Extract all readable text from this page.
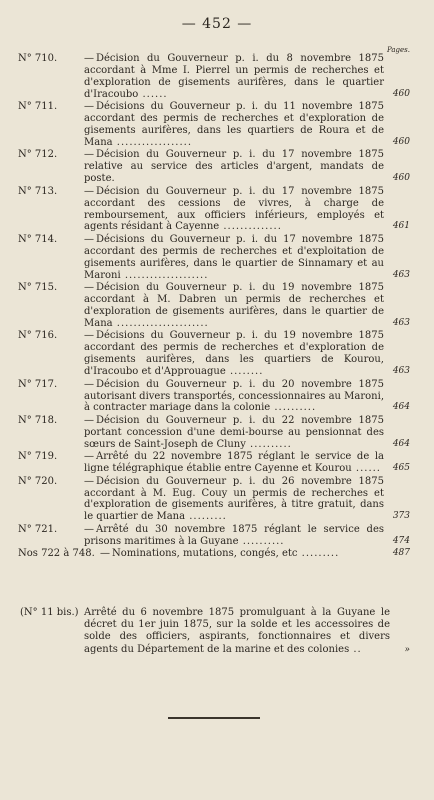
— 452 —
Pages.
N° 710.	— Décision du Gouverneur p. i. du 8 novembre 1875 accordant à Mme I. Pierrel un permis de recherches et d'exploration de gisements aurifères, dans le quartier d'Iracoubo ......	460
N° 711.	— Décisions du Gouverneur p. i. du 11 novembre 1875 accordant des permis de recherches et d'exploration de gisements aurifères, dans les quartiers de Roura et de Mana ..................	460
N° 712.	— Décision du Gouverneur p. i. du 17 novembre 1875 relative au service des articles d'argent, mandats de poste.	460
N° 713.	— Décision du Gouverneur p. i. du 17 novembre 1875 accordant des cessions de vivres, à charge de remboursement, aux officiers inférieurs, employés et agents résidant à Cayenne ..............	461
N° 714.	— Décisions du Gouverneur p. i. du 17 novembre 1875 accordant des permis de recherches et d'exploitation de gisements aurifères, dans le quartier de Sinnamary et au Maroni ....................	463
N° 715.	— Décision du Gouverneur p. i. du 19 novembre 1875 accordant à M. Dabren un permis de recherches et d'exploration de gisements aurifères, dans le quartier de Mana ......................	463
N° 716.	— Décisions du Gouverneur p. i. du 19 novembre 1875 accordant des permis de recherches et d'exploration de gisements aurifères, dans les quartiers de Kourou, d'Iracoubo et d'Approuague ........	463
N° 717.	— Décision du Gouverneur p. i. du 20 novembre 1875 autorisant divers transportés, concessionnaires au Maroni, à contracter mariage dans la colonie ..........	464
N° 718.	— Décision du Gouverneur p. i. du 22 novembre 1875 portant concession d'une demi-bourse au pensionnat des sœurs de Saint-Joseph de Cluny ..........	464
N° 719.	— Arrêté du 22 novembre 1875 réglant le service de la ligne télégraphique établie entre Cayenne et Kourou ......	465
N° 720.	— Décision du Gouverneur p. i. du 26 novembre 1875 accordant à M. Eug. Couy un permis de recherches et d'exploration de gisements aurifères, à titre gratuit, dans le quartier de Mana .........	373
N° 721.	— Arrêté du 30 novembre 1875 réglant le service des prisons maritimes à la Guyane ..........	474
Nos 722 à 748. — Nominations, mutations, congés, etc .........	487
(N° 11 bis.) Arrêté du 6 novembre 1875 promulguant à la Guyane le décret du 1er juin 1875, sur la solde et les accessoires de solde des officiers, aspirants, fonctionnaires et divers agents du Département de la marine et des colonies ..	»
